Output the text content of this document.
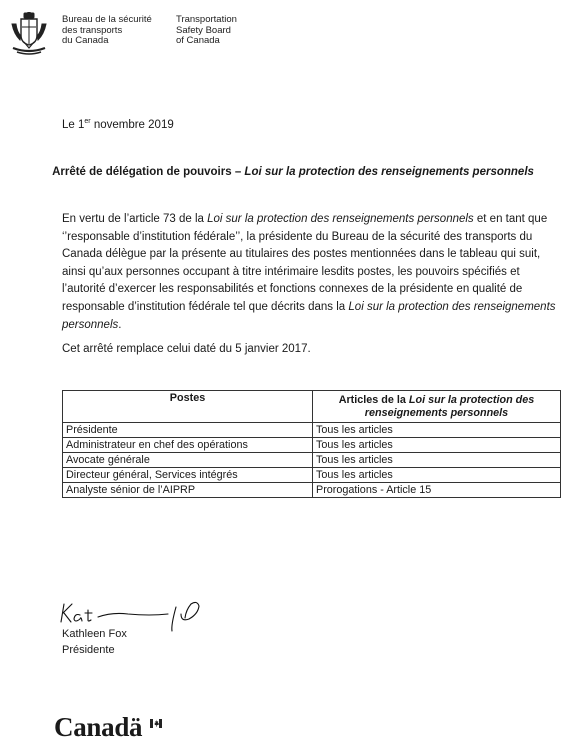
Bureau de la sécurité
des transports
du Canada
Transportation
Safety Board
of Canada
Le 1er novembre 2019
Arrêté de délégation de pouvoirs – Loi sur la protection des renseignements personnels
En vertu de l’article 73 de la Loi sur la protection des renseignements personnels et en tant que ‘’responsable d’institution fédérale’’, la présidente du Bureau de la sécurité des transports du Canada délègue par la présente au titulaires des postes mentionnées dans le tableau qui suit, ainsi qu’aux personnes occupant à titre intérimaire lesdits postes, les pouvoirs spécifiés et l’autorité d’exercer les responsabilités et fonctions connexes de la présidente en qualité de responsable d’institution fédérale tel que décrits dans la Loi sur la protection des renseignements personnels.
Cet arrêté remplace celui daté du 5 janvier 2017.
Postes	Articles de la Loi sur la protection des renseignements personnels
Présidente	Tous les articles
Administrateur en chef des opérations	Tous les articles
Avocate générale	Tous les articles
Directeur général, Services intégrés	Tous les articles
Analyste sénior de l’AIPRP	Prorogations - Article 15
Kathleen Fox
Présidente
Canadä
